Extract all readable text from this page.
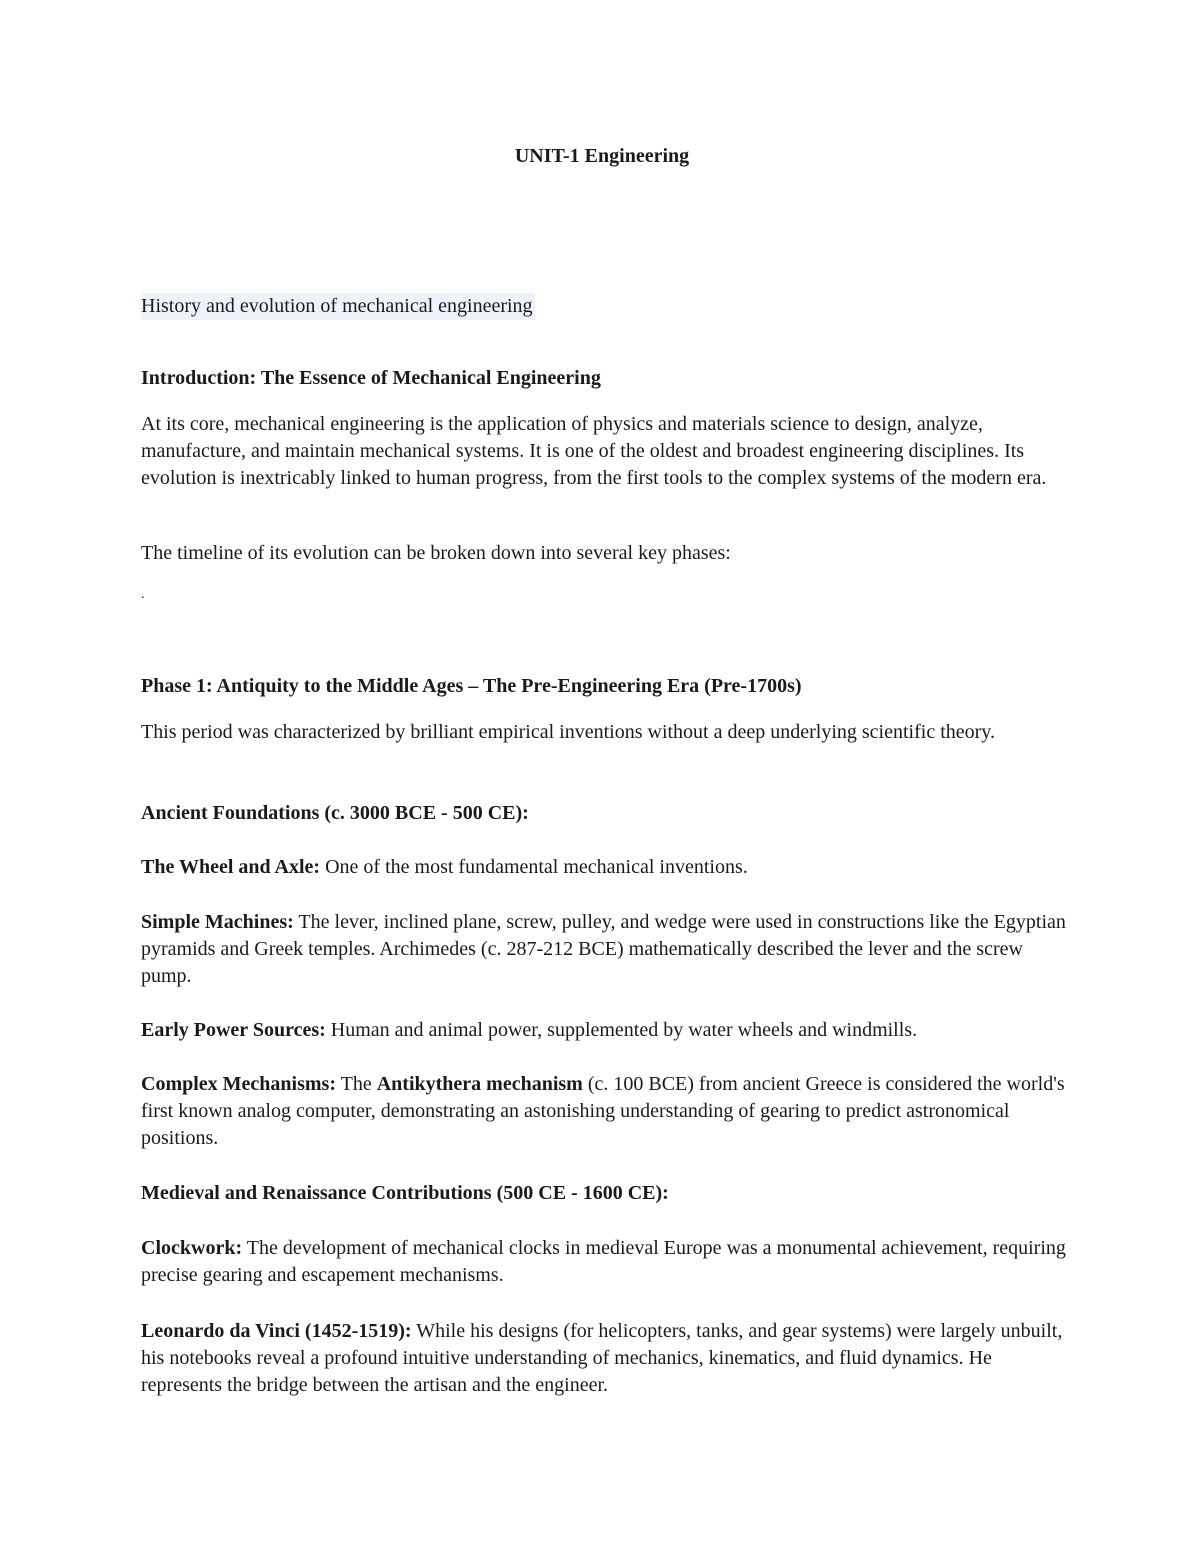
UNIT-1 Engineering
History and evolution of mechanical engineering

Introduction: The Essence of Mechanical Engineering

At its core, mechanical engineering is the application of physics and materials science to design, analyze, manufacture, and maintain mechanical systems. It is one of the oldest and broadest engineering disciplines. Its evolution is inextricably linked to human progress, from the first tools to the complex systems of the modern era.

The timeline of its evolution can be broken down into several key phases:

.

Phase 1: Antiquity to the Middle Ages – The Pre-Engineering Era (Pre-1700s)

This period was characterized by brilliant empirical inventions without a deep underlying scientific theory.

Ancient Foundations (c. 3000 BCE - 500 CE):

The Wheel and Axle: One of the most fundamental mechanical inventions.

Simple Machines: The lever, inclined plane, screw, pulley, and wedge were used in constructions like the Egyptian pyramids and Greek temples. Archimedes (c. 287-212 BCE) mathematically described the lever and the screw pump.

Early Power Sources: Human and animal power, supplemented by water wheels and windmills.

Complex Mechanisms: The Antikythera mechanism (c. 100 BCE) from ancient Greece is considered the world's first known analog computer, demonstrating an astonishing understanding of gearing to predict astronomical positions.

Medieval and Renaissance Contributions (500 CE - 1600 CE):

Clockwork: The development of mechanical clocks in medieval Europe was a monumental achievement, requiring precise gearing and escapement mechanisms.

Leonardo da Vinci (1452-1519): While his designs (for helicopters, tanks, and gear systems) were largely unbuilt, his notebooks reveal a profound intuitive understanding of mechanics, kinematics, and fluid dynamics. He represents the bridge between the artisan and the engineer.
